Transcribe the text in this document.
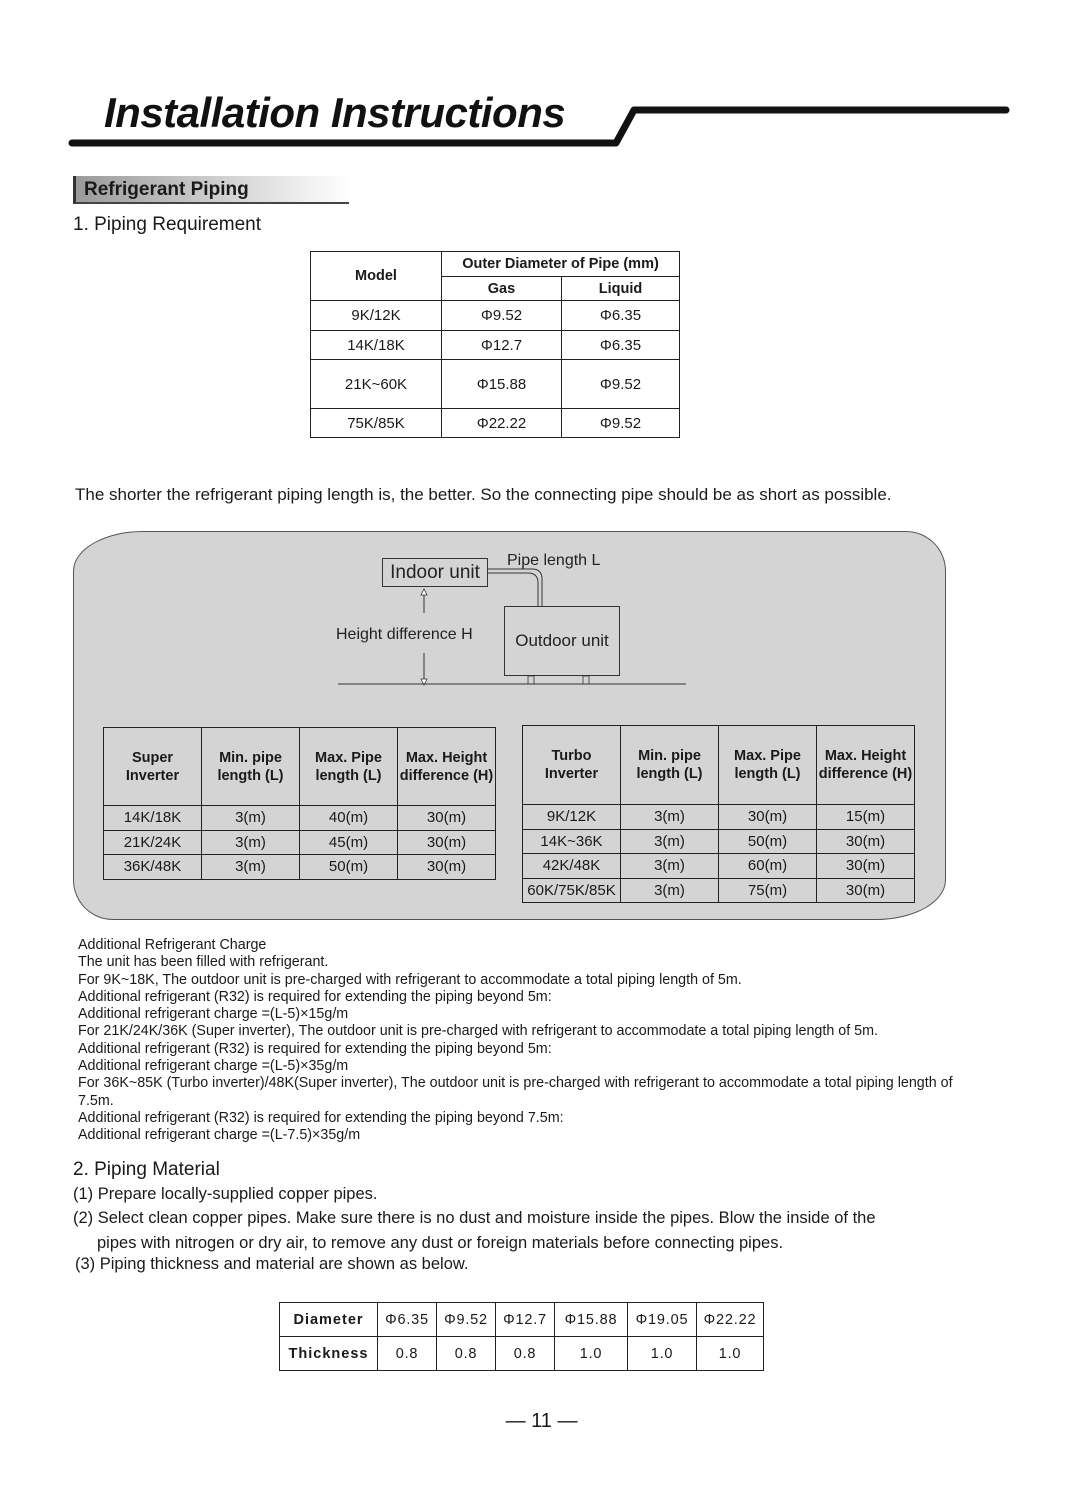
Installation Instructions
Refrigerant Piping
1. Piping Requirement
Model	Outer Diameter of Pipe (mm)	
	Gas	Liquid
9K/12K	Φ9.52	Φ6.35
14K/18K	Φ12.7	Φ6.35
21K~60K	Φ15.88	Φ9.52
75K/85K	Φ22.22	Φ9.52
The shorter the refrigerant piping length is, the better. So the connecting pipe should be as short as possible.
Indoor unit
Outdoor unit
Pipe length L
Height difference H
Super Inverter	Min. pipe length (L)	Max. Pipe length (L)	Max. Height difference (H)
14K/18K	3(m)	40(m)	30(m)
21K/24K	3(m)	45(m)	30(m)
36K/48K	3(m)	50(m)	30(m)
Turbo Inverter	Min. pipe length (L)	Max. Pipe length (L)	Max. Height difference (H)
9K/12K	3(m)	30(m)	15(m)
14K~36K	3(m)	50(m)	30(m)
42K/48K	3(m)	60(m)	30(m)
60K/75K/85K	3(m)	75(m)	30(m)
Additional Refrigerant Charge
The unit has been filled with refrigerant.
For 9K~18K, The outdoor unit is pre-charged with refrigerant to accommodate a total piping length of 5m.
Additional refrigerant (R32) is required for extending the piping beyond 5m:
Additional refrigerant charge =(L-5)×15g/m
For 21K/24K/36K (Super inverter), The outdoor unit is pre-charged with refrigerant to accommodate a total piping length of 5m.
Additional refrigerant (R32) is required for extending the piping beyond 5m:
Additional refrigerant charge =(L-5)×35g/m
For 36K~85K (Turbo inverter)/48K(Super inverter), The outdoor unit is pre-charged with refrigerant to accommodate a total piping length of 7.5m.
Additional refrigerant (R32) is required for extending the piping beyond 7.5m:
Additional refrigerant charge =(L-7.5)×35g/m
2. Piping Material
(1) Prepare locally-supplied copper pipes.
(2) Select clean copper pipes. Make sure there is no dust and moisture inside the pipes. Blow the inside of the
pipes with nitrogen or dry air, to remove any dust or foreign materials before connecting pipes.
(3) Piping thickness and material are shown as below.
Diameter	Φ6.35	Φ9.52	Φ12.7	Φ15.88	Φ19.05	Φ22.22
Thickness	0.8	0.8	0.8	1.0	1.0	1.0
— 11 —
